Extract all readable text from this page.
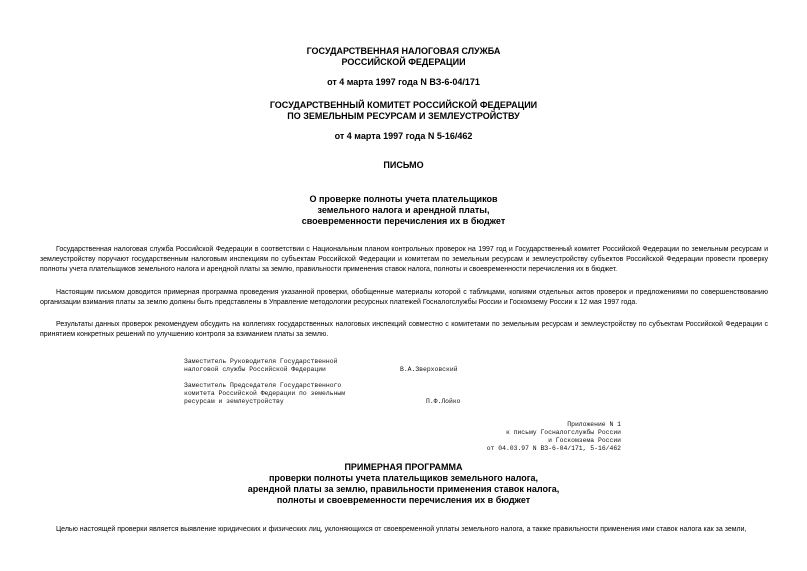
ГОСУДАРСТВЕННАЯ НАЛОГОВАЯ СЛУЖБА

РОССИЙСКОЙ ФЕДЕРАЦИИ

от 4 марта 1997 года N ВЗ-6-04/171

ГОСУДАРСТВЕННЫЙ КОМИТЕТ РОССИЙСКОЙ ФЕДЕРАЦИИ

ПО ЗЕМЕЛЬНЫМ РЕСУРСАМ И ЗЕМЛЕУСТРОЙСТВУ

от 4 марта 1997 года N 5-16/462

ПИСЬМО

О проверке полноты учета плательщиков

земельного налога и арендной платы,

своевременности перечисления их в бюджет

Государственная налоговая служба Российской Федерации в соответствии с Национальным планом контрольных проверок на 1997 год и Государственный комитет Российской Федерации по земельным ресурсам и землеустройству поручают государственным налоговым инспекциям по субъектам Российской Федерации и комитетам по земельным ресурсам и землеустройству субъектов Российской Федерации провести проверку полноты учета плательщиков земельного налога и арендной платы за землю, правильности применения ставок налога, полноты и своевременности перечисления их в бюджет.

Настоящим письмом доводится примерная программа проведения указанной проверки, обобщенные материалы которой с таблицами, копиями отдельных актов проверок и предложениями по совершенствованию организации взимания платы за землю должны быть представлены в Управление методологии ресурсных платежей Госналогслужбы России и Госкомзему России к 12 мая 1997 года.

Результаты данных проверок рекомендуем обсудить на коллегиях государственных налоговых инспекций совместно с комитетами по земельным ресурсам и землеустройству по субъектам Российской Федерации с принятием конкретных решений по улучшению контроля за взиманием платы за землю.

Заместитель Руководителя Государственной
налоговой службы Российской Федерации	В.А.Зверховский

Заместитель Председателя Государственного
комитета Российской Федерации по земельным
ресурсам и землеустройству	П.Ф.Лойко
Приложение N 1
к письму Госналогслужбы России
и Госкомзема России
от 04.03.97 N ВЗ-6-04/171, 5-16/462

ПРИМЕРНАЯ ПРОГРАММА

проверки полноты учета плательщиков земельного налога,

арендной платы за землю, правильности применения ставок налога,

полноты и своевременности перечисления их в бюджет

Целью настоящей проверки является выявление юридических и физических лиц, уклоняющихся от своевременной уплаты земельного налога, а также правильности применения ими ставок налога как за земли,
